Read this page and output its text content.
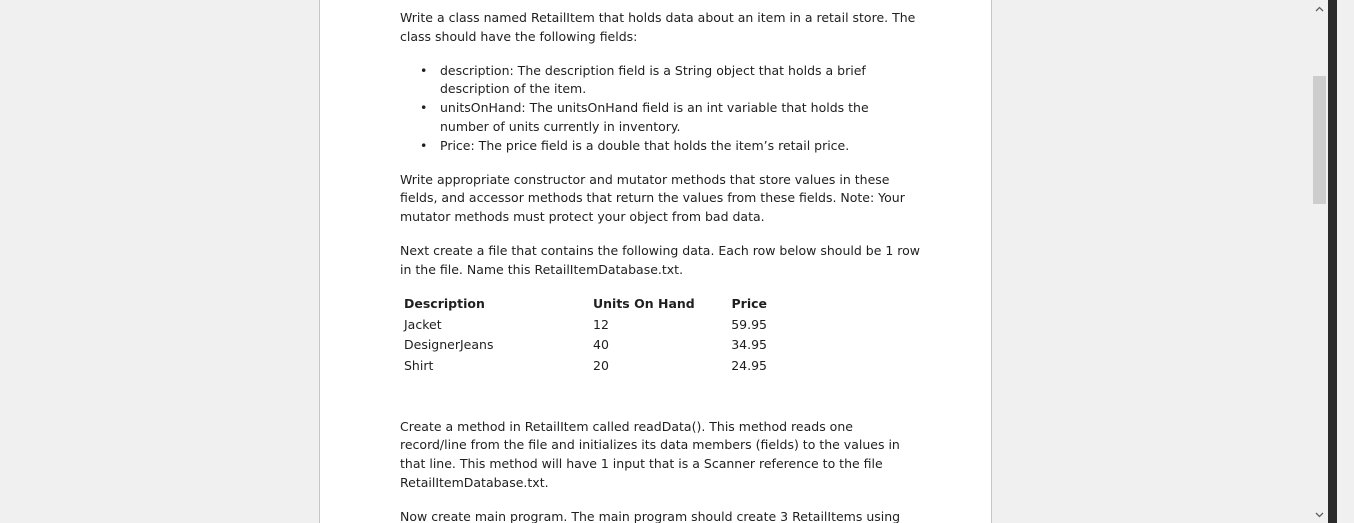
Write a class named RetailItem that holds data about an item in a retail store. The class should have the following fields:

• description: The description field is a String object that holds a brief description of the item.
• unitsOnHand: The unitsOnHand field is an int variable that holds the number of units currently in inventory.
• Price: The price field is a double that holds the item’s retail price.

Write appropriate constructor and mutator methods that store values in these fields, and accessor methods that return the values from these fields. Note: Your mutator methods must protect your object from bad data.

Next create a file that contains the following data. Each row below should be 1 row in the file. Name this RetailItemDatabase.txt.

Description	Units On Hand	Price
Jacket	12	59.95
DesignerJeans	40	34.95
Shirt	20	24.95

Create a method in RetailItem called readData(). This method reads one record/line from the file and initializes its data members (fields) to the values in that line. This method will have 1 input that is a Scanner reference to the file RetailItemDatabase.txt.

Now create main program. The main program should create 3 RetailItems using
